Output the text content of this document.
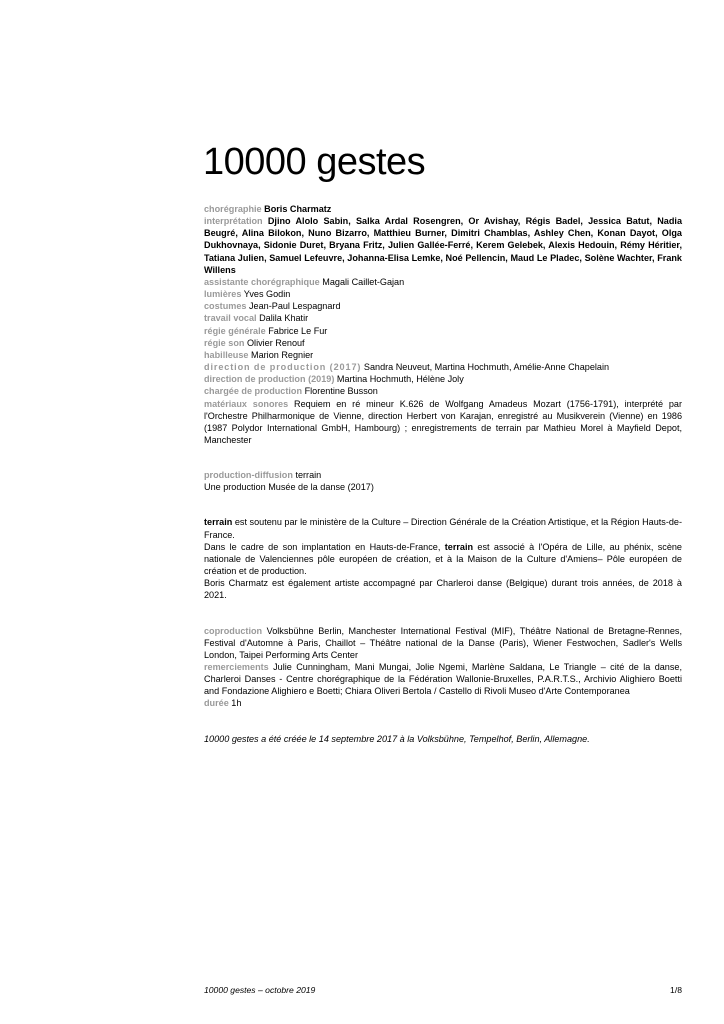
10000 gestes

chorégraphie Boris Charmatz

interprétation Djino Alolo Sabin, Salka Ardal Rosengren, Or Avishay, Régis Badel, Jessica Batut, Nadia Beugré, Alina Bilokon, Nuno Bizarro, Matthieu Burner, Dimitri Chamblas, Ashley Chen, Konan Dayot, Olga Dukhovnaya, Sidonie Duret, Bryana Fritz, Julien Gallée-Ferré, Kerem Gelebek, Alexis Hedouin, Rémy Héritier, Tatiana Julien, Samuel Lefeuvre, Johanna-Elisa Lemke, Noé Pellencin, Maud Le Pladec, Solène Wachter, Frank Willens

assistante chorégraphique Magali Caillet-Gajan

lumières Yves Godin

costumes Jean-Paul Lespagnard

travail vocal Dalila Khatir

régie générale Fabrice Le Fur

régie son Olivier Renouf

habilleuse Marion Regnier

direction de production (2017) Sandra Neuveut, Martina Hochmuth, Amélie-Anne Chapelain

direction de production (2019) Martina Hochmuth, Hélène Joly

chargée de production Florentine Busson

matériaux sonores Requiem en ré mineur K.626 de Wolfgang Amadeus Mozart (1756-1791), interprété par l'Orchestre Philharmonique de Vienne, direction Herbert von Karajan, enregistré au Musikverein (Vienne) en 1986 (1987 Polydor International GmbH, Hambourg) ; enregistrements de terrain par Mathieu Morel à Mayfield Depot, Manchester

production-diffusion terrain

Une production Musée de la danse (2017)

terrain est soutenu par le ministère de la Culture – Direction Générale de la Création Artistique, et la Région Hauts-de-France.

Dans le cadre de son implantation en Hauts-de-France, terrain est associé à l'Opéra de Lille, au phénix, scène nationale de Valenciennes pôle européen de création, et à la Maison de la Culture d'Amiens– Pôle européen de création et de production.

Boris Charmatz est également artiste accompagné par Charleroi danse (Belgique) durant trois années, de 2018 à 2021.

coproduction Volksbühne Berlin, Manchester International Festival (MIF), Théâtre National de Bretagne-Rennes, Festival d'Automne à Paris, Chaillot – Théâtre national de la Danse (Paris), Wiener Festwochen, Sadler's Wells London, Taipei Performing Arts Center

remerciements Julie Cunningham, Mani Mungai, Jolie Ngemi, Marlène Saldana, Le Triangle – cité de la danse, Charleroi Danses - Centre chorégraphique de la Fédération Wallonie-Bruxelles, P.A.R.T.S., Archivio Alighiero Boetti and Fondazione Alighiero e Boetti; Chiara Oliveri Bertola / Castello di Rivoli Museo d'Arte Contemporanea

durée 1h

10000 gestes a été créée le 14 septembre 2017 à la Volksbühne, Tempelhof, Berlin, Allemagne.

10000 gestes – octobre 2019	1/8
